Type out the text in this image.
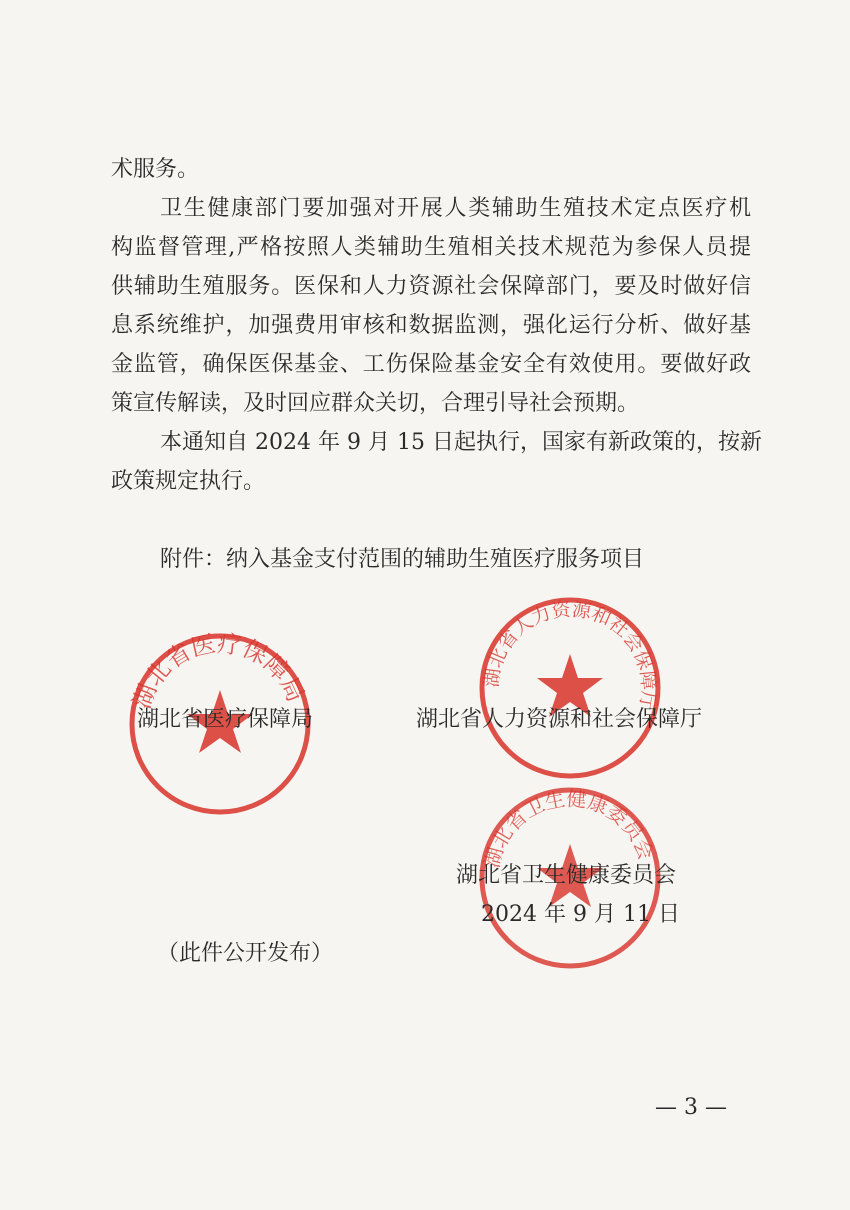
湖北省医疗保障局	湖北省人力资源和社会保障厅
湖北省卫生健康委员会
术服务。
卫生健康部门要加强对开展人类辅助生殖技术定点医疗机
构监督管理,严格按照人类辅助生殖相关技术规范为参保人员提
供辅助生殖服务。医保和人力资源社会保障部门，要及时做好信
息系统维护，加强费用审核和数据监测，强化运行分析、做好基
金监管，确保医保基金、工伤保险基金安全有效使用。要做好政
策宣传解读，及时回应群众关切，合理引导社会预期。
本通知自 2024 年 9 月 15 日起执行，国家有新政策的，按新
政策规定执行。
附件：纳入基金支付范围的辅助生殖医疗服务项目
湖北省医疗保障局	湖北省人力资源和社会保障厅
湖北省卫生健康委员会
2024 年 9 月 11 日
（此件公开发布）
— 3 —
